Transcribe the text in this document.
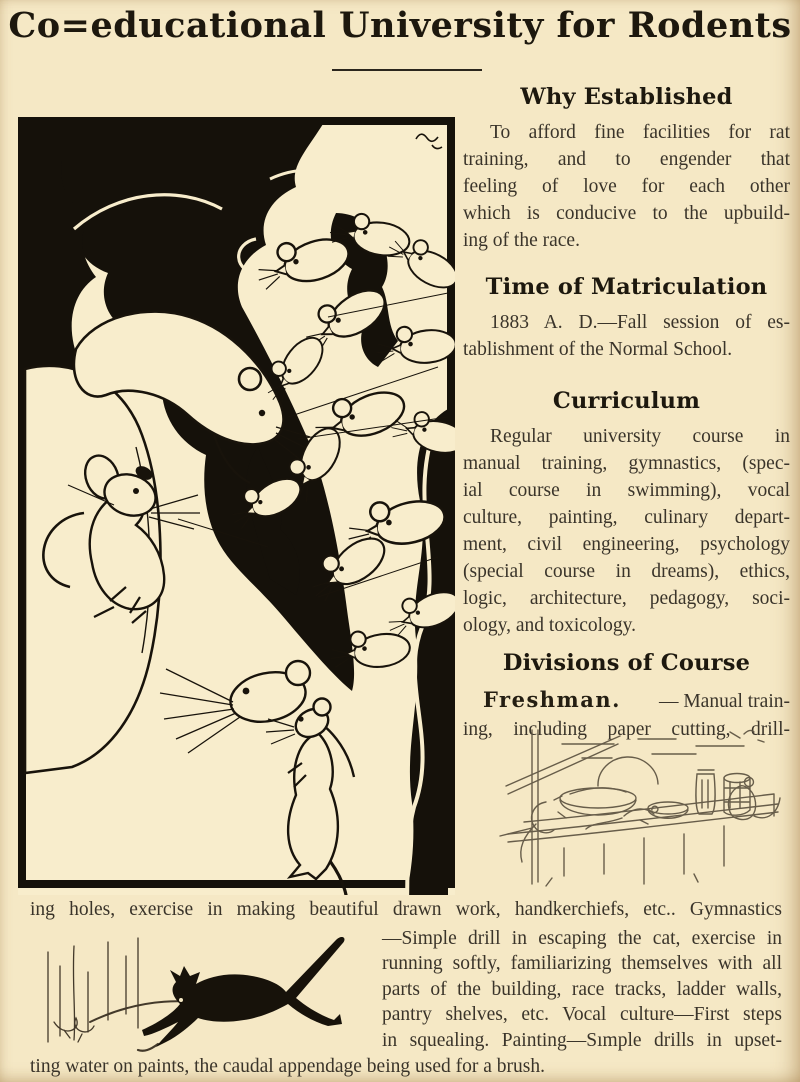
Co=educational University for Rodents
Why Established
To afford fine facilities for rat
training, and to engender that
feeling of love for each other
which is conducive to the upbuild-
ing of the race.
Time of Matriculation
1883 A. D.—Fall session of es-
tablishment of the Normal School.
Curriculum
Regular university course in
manual training, gymnastics, (spec-
ial course in swimming), vocal
culture, painting, culinary depart-
ment, civil engineering, psychology
(special course in dreams), ethics,
logic, architecture, pedagogy, soci-
ology, and toxicology.
Divisions of Course
Freshman. — Manual train-
ing, including paper cutting, drill-
ing holes, exercise in making beautiful drawn work, handkerchiefs, etc.. Gymnastics
—Simple drill in escaping the cat, exercise in
running softly, familiarizing themselves with all
parts of the building, race tracks, ladder walls,
pantry shelves, etc. Vocal culture—First steps
in squealing. Painting—Sımple drills in upset-
ting water on paints, the caudal appendage being used for a brush.
